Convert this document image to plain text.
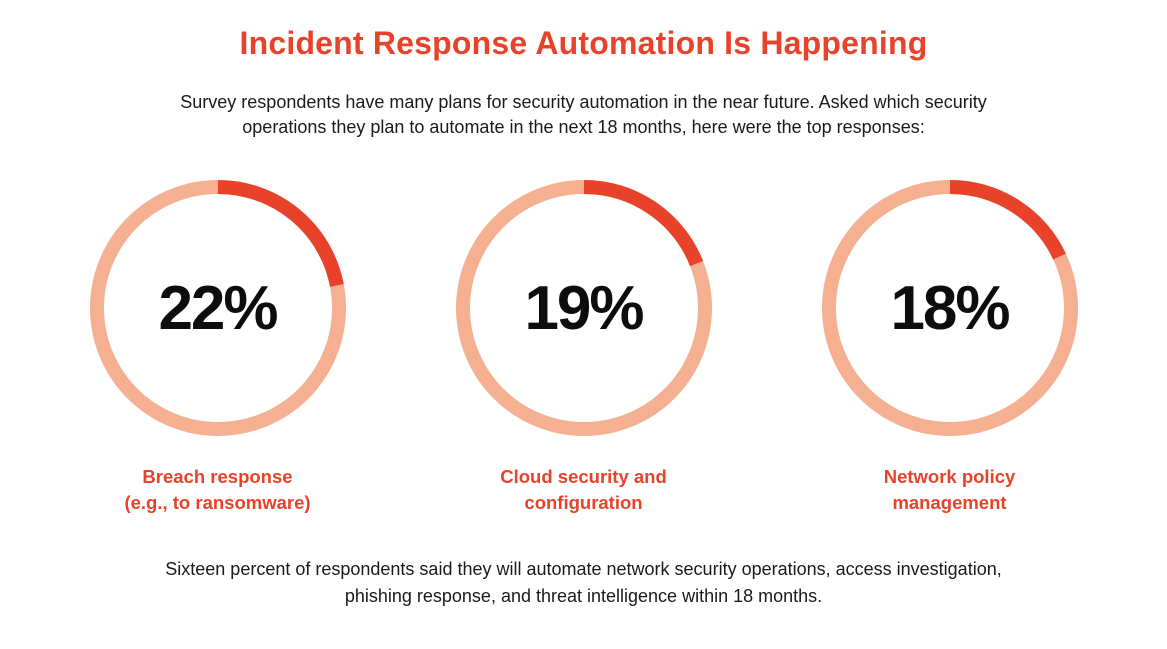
Incident Response Automation Is Happening

Survey respondents have many plans for security automation in the near future. Asked which security
operations they plan to automate in the next 18 months, here were the top responses:

22%
Breach response
(e.g., to ransomware)
19%
Cloud security and
configuration
18%
Network policy
management

Sixteen percent of respondents said they will automate network security operations, access investigation,
phishing response, and threat intelligence within 18 months.
